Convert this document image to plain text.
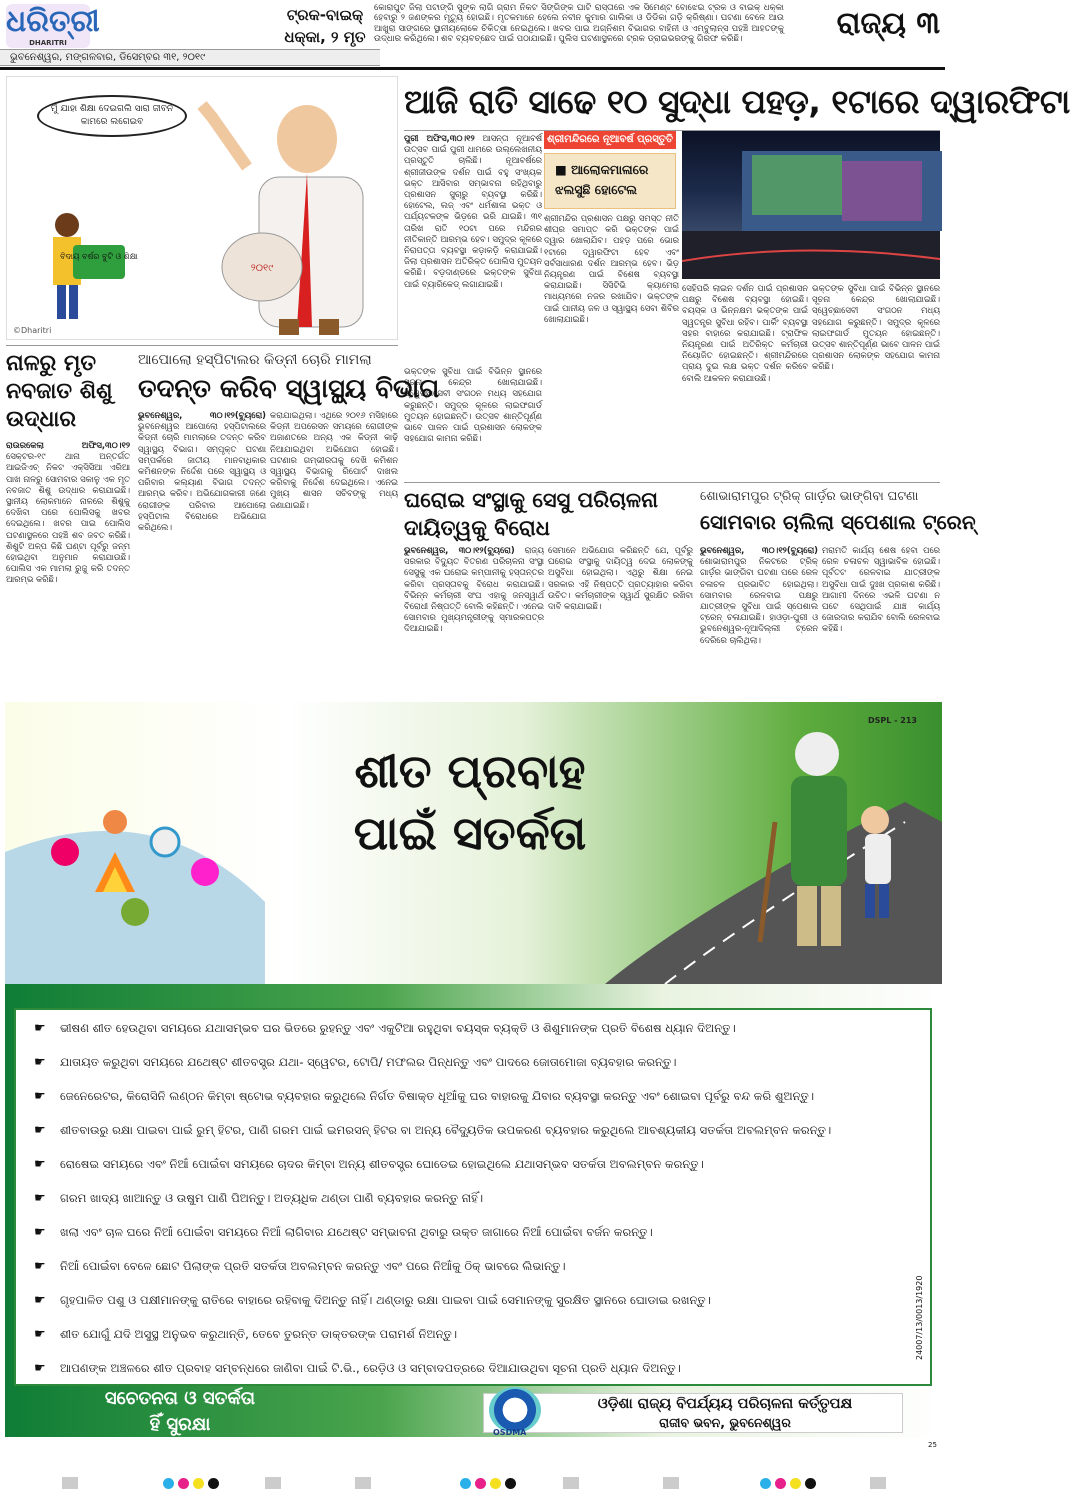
ଧରିତ୍ରୀ
DHARITRI
ଟ୍ରକ-ବାଇକ୍
ଧକ୍କା, ୨ ମୃତ
କୋରାପୁଟ ଜିଲା ପଟାଙ୍ଗି ସୁଙ୍କ ଲାଗି ଗ୍ରାମ ନିକଟ ସିଙ୍ଗିଙ୍କ ଘାଟି ରାସ୍ତାରେ ଏକ ସିମେଣ୍ଟ ବୋଝେଇ ଟ୍ରକ ଓ ବାଇକ୍ ଧକ୍କା ହେବାରୁ ୨ ଜଣଙ୍କର ମୃତ୍ୟୁ ହୋଇଛି। ମୃତକମାନେ ହେଲେ ନବୀନ କୁମାର ଗାଲିକା ଓ ଡିଡିକା ଗଡ଼ି କ୍ରିଷ୍ଣା। ଘଟଣା ବେଳେ ଆଉ ଆଖୁରା ସାଙ୍ଗରେ ସ୍ଥାନୀୟଲୋକେ ଚିକିତ୍ସା ନେଇଥିଲେ। ଖବର ପାଇ ଅଗ୍ନିଶମ ବିଭାଗର ବାହିନୀ ଓ ଏମ୍ବୁଲାନ୍ସ ପହଞ୍ଚି ଆହତଙ୍କୁ ଉଦ୍ଧାର କରିଥିଲେ। ଶବ ବ୍ୟବଚ୍ଛେଦ ପାଇଁ ପଠାଯାଇଛି। ପୁଲିସ ଘଟଣାସ୍ଥଳରେ ଟ୍ରକ ଡ୍ରାଇଭରଙ୍କୁ ଗିରଫ କରିଛି।	ରାଜ୍ୟ ୩
ଭୁବନେଶ୍ୱର, ମଙ୍ଗଳବାର, ଡିସେମ୍ବର ୩୧, ୨୦୧୯
ମୁଁ ଯାହା ଶିକ୍ଷା ଦେଇଗଲି ସାରା ଜୀବନ କାମରେ ଲଗେଇବ
ବିଦାୟ ବର୍ଷର ବୁଟି ଓ ଶିକ୍ଷା
୨୦୧୯
©Dharitri
ଆଜି ରାତି ସାଢେ ୧୦ ସୁଦ୍ଧା ପହଡ଼, ୧ଟାରେ ଦ୍ୱାରଫିଟା
ପୁରୀ ଅଫିସ,୩୦।୧୨ ଆସନ୍ତା ନୂଆବର୍ଷ ଉତ୍ସବ ପାଇଁ ପୁରୀ ଧାମରେ ଉଲ୍ଲେଖନୀୟ ପ୍ରସ୍ତୁତି ଚାଲିଛି। ନୂଆବର୍ଷରେ ଶ୍ରୀଜୀଉଙ୍କ ଦର୍ଶନ ପାଇଁ ବହୁ ସଂଖ୍ୟକ ଭକ୍ତ ଆସିବାର ସମ୍ଭାବନା ରହିଥିବାରୁ ପ୍ରଶାସନ ସୁଚାରୁ ବ୍ୟବସ୍ଥା କରିଛି। ହୋଟେଲ, ଲଜ୍ ଏବଂ ଧର୍ମଶାଳା ଭକ୍ତ ଓ ପର୍ଯ୍ୟଟକଙ୍କ ଭିଡ଼ରେ ଭରି ଯାଇଛି। ୩୧ ତାରିଖ ରାତି ୧୦ଟା ପରେ ମନ୍ଦିରର ନୀତିକାନ୍ତି ଆରମ୍ଭ ହେବ। ସମୁଦ୍ର କୂଳରେ ନିରାପତ୍ତା ବ୍ୟବସ୍ଥା କଡ଼ାକଡ଼ି କରାଯାଇଛି। ଜିଲା ପ୍ରଶାସନ ଅତିରିକ୍ତ ପୋଲିସ ମୁତୟନ କରିଛି। ବଡ଼ଦାଣ୍ଡରେ ଭକ୍ତଙ୍କ ସୁବିଧା ପାଇଁ ବ୍ୟାରିକେଡ୍ ଲଗାଯାଇଛି।
ଶ୍ରୀମନ୍ଦିରରେ ନୂଆବର୍ଷ ପ୍ରସ୍ତୁତି
■ ଆଲୋକମାଳାରେ ଝଲସୁଛି ହୋଟେଲ
ଶ୍ରୀମନ୍ଦିର ପ୍ରଶାସନ ପକ୍ଷରୁ ସମସ୍ତ ନୀତି ଶୀଘ୍ର ସମାପ୍ତ କରି ଭକ୍ତଙ୍କ ପାଇଁ ଦ୍ୱାର ଖୋଲାଯିବ। ପହଡ଼ ପରେ ଭୋର ୧ଟାରେ ଦ୍ୱାରଫିଟା ହେବ ଏବଂ ସର୍ବସାଧାରଣ ଦର୍ଶନ ଆରମ୍ଭ ହେବ। ଭିଡ଼ ନିୟନ୍ତ୍ରଣ ପାଇଁ ବିଶେଷ ବ୍ୟବସ୍ଥା କରାଯାଇଛି। ସିସିଟିଭି କ୍ୟାମେରା ମାଧ୍ୟମରେ ନଜର ରଖାଯିବ। ଭକ୍ତଙ୍କ ପାଇଁ ପାନୀୟ ଜଳ ଓ ସ୍ୱାସ୍ଥ୍ୟ ସେବା ଶିବିର ଖୋଲାଯାଇଛି।
ଭକ୍ତଙ୍କ ସୁବିଧା ପାଇଁ ବିଭିନ୍ନ ସ୍ଥାନରେ ସୂଚନା କେନ୍ଦ୍ର ଖୋଲାଯାଇଛି। ସ୍ୱେଚ୍ଛାସେବୀ ସଂଗଠନ ମଧ୍ୟ ସହଯୋଗ କରୁଛନ୍ତି। ସମୁଦ୍ର କୂଳରେ ଲାଇଫଗାର୍ଡ ମୁତୟନ ହୋଇଛନ୍ତି। ଉତ୍ସବ ଶାନ୍ତିପୂର୍ଣ୍ଣ ଭାବେ ପାଳନ ପାଇଁ ପ୍ରଶାସନ ଲୋକଙ୍କ ସହଯୋଗ କାମନା କରିଛି।
ସେହିପରି ଲାଇନ ଦର୍ଶନ ପାଇଁ ପ୍ରଶାସନ ପକ୍ଷରୁ ବିଶେଷ ବ୍ୟବସ୍ଥା ହୋଇଛି। ବୟସ୍କ ଓ ଭିନ୍ନକ୍ଷମ ଭକ୍ତଙ୍କ ପାଇଁ ସ୍ୱତନ୍ତ୍ର ସୁବିଧା ରହିବ। ପାର୍କିଂ ବ୍ୟବସ୍ଥା ସହର ବାହାରେ କରାଯାଇଛି। ଟ୍ରାଫିକ ନିୟନ୍ତ୍ରଣ ପାଇଁ ଅତିରିକ୍ତ କର୍ମଚାରୀ ନିୟୋଜିତ ହୋଇଛନ୍ତି। ଶ୍ରୀମନ୍ଦିରରେ ପ୍ରାୟ ଦୁଇ ଲକ୍ଷ ଭକ୍ତ ଦର୍ଶନ କରିବେ ବୋଲି ଆକଳନ କରାଯାଉଛି।
ଭକ୍ତଙ୍କ ସୁବିଧା ପାଇଁ ବିଭିନ୍ନ ସ୍ଥାନରେ ସୂଚନା କେନ୍ଦ୍ର ଖୋଲାଯାଇଛି। ସ୍ୱେଚ୍ଛାସେବୀ ସଂଗଠନ ମଧ୍ୟ ସହଯୋଗ କରୁଛନ୍ତି। ସମୁଦ୍ର କୂଳରେ ଲାଇଫଗାର୍ଡ ମୁତୟନ ହୋଇଛନ୍ତି। ଉତ୍ସବ ଶାନ୍ତିପୂର୍ଣ୍ଣ ଭାବେ ପାଳନ ପାଇଁ ପ୍ରଶାସନ ଲୋକଙ୍କ ସହଯୋଗ କାମନା କରିଛି।
ନାଳରୁ ମୃତ ନବଜାତ ଶିଶୁ ଉଦ୍ଧାର
ରାଉରକେଲା ଅଫିସ,୩୦।୧୨ ସେକ୍ଟର-୧୯ ଥାନା ଅନ୍ତର୍ଗତ ଆଇଜିଏଚ୍ ନିକଟ ଏକ୍ସିସିଆ ଏରିଆ ପାଖ ନାଳରୁ ସୋମବାର ସକାଳୁ ଏକ ମୃତ ନବଜାତ ଶିଶୁ ଉଦ୍ଧାର କରାଯାଇଛି। ସ୍ଥାନୀୟ ଲୋକମାନେ ନାଳରେ ଶିଶୁକୁ ଦେଖିବା ପରେ ପୋଲିସକୁ ଖବର ଦେଇଥିଲେ। ଖବର ପାଇ ପୋଲିସ ଘଟଣାସ୍ଥଳରେ ପହଞ୍ଚି ଶବ ଜବତ କରିଛି। ଶିଶୁଟି ଅଳ୍ପ କିଛି ଘଣ୍ଟା ପୂର୍ବରୁ ଜନ୍ମ ହୋଇଥିବା ଅନୁମାନ କରାଯାଉଛି। ପୋଲିସ ଏକ ମାମଲା ରୁଜୁ କରି ତଦନ୍ତ ଆରମ୍ଭ କରିଛି।
ଆପୋଲୋ ହସ୍ପିଟାଲର କିଡ୍ନୀ ଚୋରି ମାମଲା
ତଦନ୍ତ କରିବ ସ୍ୱାସ୍ଥ୍ୟ ବିଭାଗ
ଭୁବନେଶ୍ୱର, ୩୦।୧୨(ବ୍ୟୁରୋ) ଭୁବନେଶ୍ୱର ଆପୋଲୋ ହସ୍ପିଟାଲରେ କିଡ୍ନୀ ଚୋରି ମାମଲାରେ ତଦନ୍ତ କରିବ ସ୍ୱାସ୍ଥ୍ୟ ବିଭାଗ। ସମ୍ପୃକ୍ତ ଘଟଣା ସମ୍ପର୍କରେ ଜାତୀୟ ମାନବାଧିକାର କମିଶନଙ୍କ ନିର୍ଦ୍ଦେଶ ପରେ ସ୍ୱାସ୍ଥ୍ୟ ଓ ପରିବାର କଲ୍ୟାଣ ବିଭାଗ ତଦନ୍ତ ଆରମ୍ଭ କରିବ। ଅଭିଯୋଗକାରୀ ଜଣେ ରୋଗୀଙ୍କ ପରିବାର ଆପୋଲୋ ହସ୍ପିଟାଲ ବିରୋଧରେ ଅଭିଯୋଗ କରିଥିଲେ।
କରାଯାଇଥିଲା। ଏଥିରେ ୨୦୧୬ ମସିହାରେ କିଡ୍ନୀ ଅପରେସନ ସମୟରେ ରୋଗୀଙ୍କ ଅଜାଣତରେ ଅନ୍ୟ ଏକ କିଡ୍ନୀ କାଢ଼ି ନିଆଯାଇଥିବା ଅଭିଯୋଗ ହୋଇଛି। ଘଟଣାର ଗମ୍ଭୀରତାକୁ ଦେଖି କମିଶନ ସ୍ୱାସ୍ଥ୍ୟ ବିଭାଗକୁ ରିପୋର୍ଟ ଦାଖଲ କରିବାକୁ ନିର୍ଦ୍ଦେଶ ଦେଇଥିଲେ। ଏନେଇ ମୁଖ୍ୟ ଶାସନ ସଚିବଙ୍କୁ ମଧ୍ୟ ଜଣାଯାଇଛି।	ଘରୋଇ ସଂସ୍ଥାକୁ ସେସୁ ପରିଚାଳନା ଦାୟିତ୍ୱକୁ ବିରୋଧ
ଭୁବନେଶ୍ୱର, ୩୦।୧୨(ବ୍ୟୁରୋ) ରାଜ୍ୟ ସରକାର ବିଦ୍ୟୁତ ବିତରଣ ପରିଚାଳନା ସଂସ୍ଥା ସେସୁକୁ ଏକ ଘରୋଇ କମ୍ପାନୀକୁ ହସ୍ତାନ୍ତର କରିବା ପ୍ରସ୍ତାବକୁ ବିରୋଧ କରାଯାଇଛି। ବିଭିନ୍ନ କର୍ମଚାରୀ ସଂଘ ଏହାକୁ ଜନସ୍ୱାର୍ଥ ବିରୋଧୀ ନିଷ୍ପତ୍ତି ବୋଲି କହିଛନ୍ତି। ଏନେଇ ସୋମବାର ମୁଖ୍ୟମନ୍ତ୍ରୀଙ୍କୁ ସ୍ମାରକପତ୍ର ଦିଆଯାଇଛି।
ସେମାନେ ଅଭିଯୋଗ କରିଛନ୍ତି ଯେ, ପୂର୍ବରୁ ଘରୋଇ ସଂସ୍ଥାକୁ ଦାୟିତ୍ୱ ଦେଇ ଲୋକଙ୍କୁ ଅସୁବିଧା ହୋଇଥିଲା। ଏଥିରୁ ଶିକ୍ଷା ନେଇ ସରକାର ଏହି ନିଷ୍ପତ୍ତି ପ୍ରତ୍ୟାହାର କରିବା ଉଚିତ। କର୍ମଚାରୀଙ୍କ ସ୍ୱାର୍ଥ ସୁରକ୍ଷିତ ରଖିବା ଦାବି କରାଯାଇଛି।
ଶୋଭାରାମପୁର ଟ୍ରିକ୍ ଗାର୍ଡ଼ର ଭାଙ୍ଗିବା ଘଟଣା
ସୋମବାର ଚାଲିଲା ସ୍ପେଶାଲ ଟ୍ରେନ୍
ଭୁବନେଶ୍ୱର, ୩୦।୧୨(ବ୍ୟୁରୋ) ଶୋଭାରାମପୁର ନିକଟରେ ଟ୍ରିକ୍ ଗାର୍ଡ଼ର ଭାଙ୍ଗିବା ଘଟଣା ପରେ ରେଳ ଚଳାଚଳ ପ୍ରଭାବିତ ହୋଇଥିଲା। ସୋମବାର ରେଳବାଇ ପକ୍ଷରୁ ଯାତ୍ରୀଙ୍କ ସୁବିଧା ପାଇଁ ସ୍ପେଶାଲ ଟ୍ରେନ୍ ଚଳାଯାଇଛି। ହାଓଡ଼ା-ପୁରୀ ଓ ଭୁବନେଶ୍ୱର-ନୂଆଦିଲ୍ଲୀ ଟ୍ରେନ ଦେରିରେ ଚାଲିଥିଲା।
ମରାମତି କାର୍ଯ୍ୟ ଶେଷ ହେବା ପରେ ରେଳ ଚଳାଚଳ ସ୍ୱାଭାବିକ ହୋଇଛି। ପୂର୍ବତଟ ରେଳବାଇ ଯାତ୍ରୀଙ୍କ ଅସୁବିଧା ପାଇଁ ଦୁଃଖ ପ୍ରକାଶ କରିଛି। ଆଗାମୀ ଦିନରେ ଏଭଳି ଘଟଣା ନ ଘଟେ ସେଥିପାଇଁ ଯାଞ୍ଚ କାର୍ଯ୍ୟ ଜୋରଦାର କରାଯିବ ବୋଲି ରେଳବାଇ କହିଛି।
DSPL - 213
ଶୀତ ପ୍ରବାହ
ପାଇଁ ସତର୍କତା
☛ ଭୀଷଣ ଶୀତ ହେଉଥିବା ସମୟରେ ଯଥାସମ୍ଭବ ଘର ଭିତରେ ରୁହନ୍ତୁ ଏବଂ ଏକୁଟିଆ ରହୁଥିବା ବୟସ୍କ ବ୍ୟକ୍ତି ଓ ଶିଶୁମାନଙ୍କ ପ୍ରତି ବିଶେଷ ଧ୍ୟାନ ଦିଅନ୍ତୁ।
☛ ଯାତାୟତ କରୁଥିବା ସମୟରେ ଯଥେଷ୍ଟ ଶୀତବସ୍ତ୍ର ଯଥା- ସ୍ୱେଟର, ଟୋପି/ ମଫଲର ପିନ୍ଧନ୍ତୁ ଏବଂ ପାଦରେ ଜୋତାମୋଜା ବ୍ୟବହାର କରନ୍ତୁ।
☛ ଜେନେରେଟର, କିରୋସିନି ଲଣ୍ଠନ କିମ୍ବା ଷ୍ଟୋଭ ବ୍ୟବହାର କରୁଥିଲେ ନିର୍ଗତ ବିଷାକ୍ତ ଧୂଆଁକୁ ଘର ବାହାରକୁ ଯିବାର ବ୍ୟବସ୍ଥା କରନ୍ତୁ ଏବଂ ଶୋଇବା ପୂର୍ବରୁ ବନ୍ଦ କରି ଶୁଅନ୍ତୁ।
☛ ଶୀତବାଉରୁ ରକ୍ଷା ପାଇବା ପାଇଁ ରୁମ୍ ହିଟର, ପାଣି ଗରମ ପାଇଁ ଇମରସନ୍ ହିଟର ବା ଅନ୍ୟ ବୈଦ୍ୟୁତିକ ଉପକରଣ ବ୍ୟବହାର କରୁଥିଲେ ଆବଶ୍ୟକୀୟ ସତର୍କତା ଅବଲମ୍ବନ କରନ୍ତୁ।
☛ ରୋଷେଇ ସମୟରେ ଏବଂ ନିଆଁ ପୋଇଁବା ସମୟରେ ଚାଦର କିମ୍ବା ଅନ୍ୟ ଶୀତବସ୍ତ୍ର ଘୋଡେଇ ହୋଇଥିଲେ ଯଥାସମ୍ଭବ ସତର୍କତା ଅବଲମ୍ବନ କରନ୍ତୁ।
☛ ଗରମ ଖାଦ୍ୟ ଖାଆନ୍ତୁ ଓ ଉଷୁମ ପାଣି ପିଅନ୍ତୁ। ଅତ୍ୟଧିକ ଥଣ୍ଡା ପାଣି ବ୍ୟବହାର କରନ୍ତୁ ନାହିଁ।
☛ ଖଲା ଏବଂ ଚାଳ ଘରେ ନିଆଁ ପୋଇଁବା ସମୟରେ ନିଆଁ ଲାଗିବାର ଯଥେଷ୍ଟ ସମ୍ଭାବନା ଥିବାରୁ ଉକ୍ତ ଜାଗାରେ ନିଆଁ ପୋଇଁବା ବର୍ଜନ କରନ୍ତୁ।
☛ ନିଆଁ ପୋଇଁବା ବେଳେ ଛୋଟ ପିଲାଙ୍କ ପ୍ରତି ସତର୍କତା ଅବଲମ୍ବନ କରନ୍ତୁ ଏବଂ ପରେ ନିଆଁକୁ ଠିକ୍ ଭାବରେ ଲିଭାନ୍ତୁ।
☛ ଗୃହପାଳିତ ପଶୁ ଓ ପକ୍ଷୀମାନଙ୍କୁ ରାତିରେ ବାହାରେ ରହିବାକୁ ଦିଅନ୍ତୁ ନାହିଁ। ଥଣ୍ଡାରୁ ରକ୍ଷା ପାଇବା ପାଇଁ ସେମାନଙ୍କୁ ସୁରକ୍ଷିତ ସ୍ଥାନରେ ଘୋଡାଇ ରଖନ୍ତୁ।
☛ ଶୀତ ଯୋଗୁଁ ଯଦି ଅସୁସ୍ଥ ଅନୁଭବ କରୁଥାନ୍ତି, ତେବେ ତୁରନ୍ତ ଡାକ୍ତରଙ୍କ ପରାମର୍ଶ ନିଅନ୍ତୁ।
☛ ଆପଣଙ୍କ ଅଞ୍ଚଳରେ ଶୀତ ପ୍ରବାହ ସମ୍ବନ୍ଧରେ ଜାଣିବା ପାଇଁ ଟି.ଭି., ରେଡ଼ିଓ ଓ ସମ୍ବାଦପତ୍ରରେ ଦିଆଯାଉଥିବା ସୂଚନା ପ୍ରତି ଧ୍ୟାନ ଦିଅନ୍ତୁ।
24007/13/0013/1920
ସଚେତନତା ଓ ସତର୍କତା
ହିଁ ସୁରକ୍ଷା	OSDMA
ଓଡ଼ିଶା ରାଜ୍ୟ ବିପର୍ଯ୍ୟୟ ପରିଚାଳନା କର୍ତ୍ତୃପକ୍ଷ
ରାଜୀବ ଭବନ, ଭୁବନେଶ୍ୱର
25
